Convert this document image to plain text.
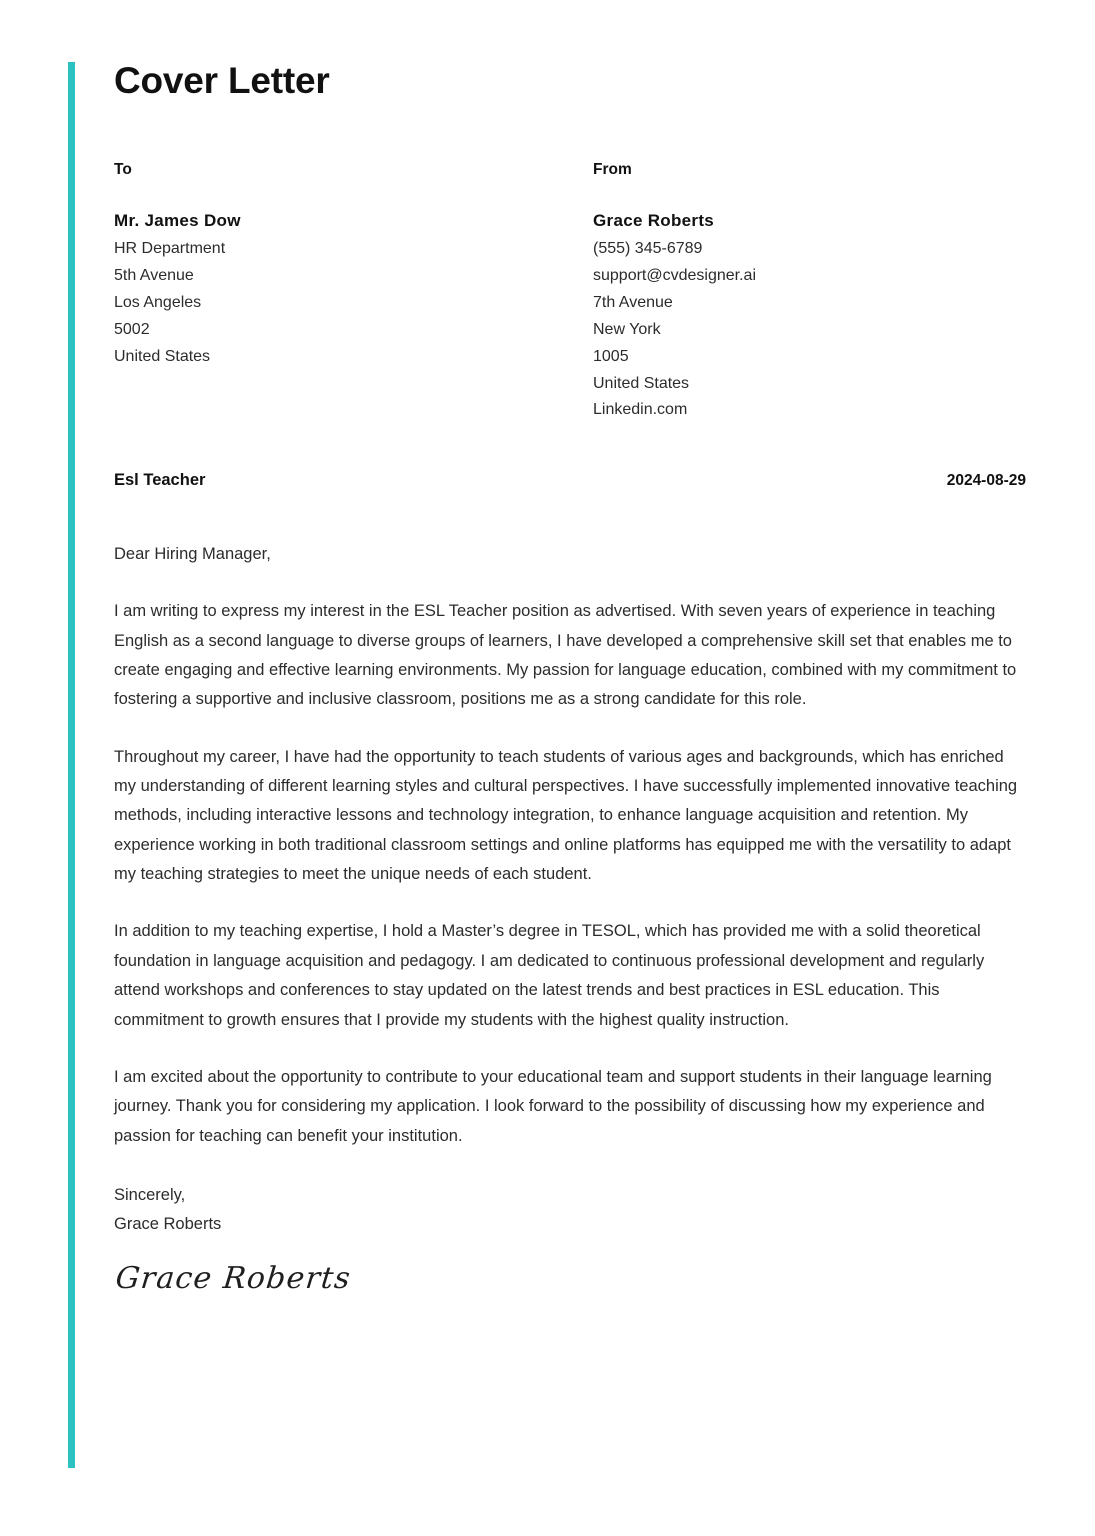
Cover Letter
To
Mr. James Dow
HR Department
5th Avenue
Los Angeles
5002
United States
From
Grace Roberts
(555) 345-6789
support@cvdesigner.ai
7th Avenue
New York
1005
United States
Linkedin.com
Esl Teacher	2024-08-29

Dear Hiring Manager,

I am writing to express my interest in the ESL Teacher position as advertised. With seven years of experience in teaching English as a second language to diverse groups of learners, I have developed a comprehensive skill set that enables me to create engaging and effective learning environments. My passion for language education, combined with my commitment to fostering a supportive and inclusive classroom, positions me as a strong candidate for this role.

Throughout my career, I have had the opportunity to teach students of various ages and backgrounds, which has enriched my understanding of different learning styles and cultural perspectives. I have successfully implemented innovative teaching methods, including interactive lessons and technology integration, to enhance language acquisition and retention. My experience working in both traditional classroom settings and online platforms has equipped me with the versatility to adapt my teaching strategies to meet the unique needs of each student.

In addition to my teaching expertise, I hold a Master’s degree in TESOL, which has provided me with a solid theoretical foundation in language acquisition and pedagogy. I am dedicated to continuous professional development and regularly attend workshops and conferences to stay updated on the latest trends and best practices in ESL education. This commitment to growth ensures that I provide my students with the highest quality instruction.

I am excited about the opportunity to contribute to your educational team and support students in their language learning journey. Thank you for considering my application. I look forward to the possibility of discussing how my experience and passion for teaching can benefit your institution.

Sincerely,
Grace Roberts
Grace Roberts
